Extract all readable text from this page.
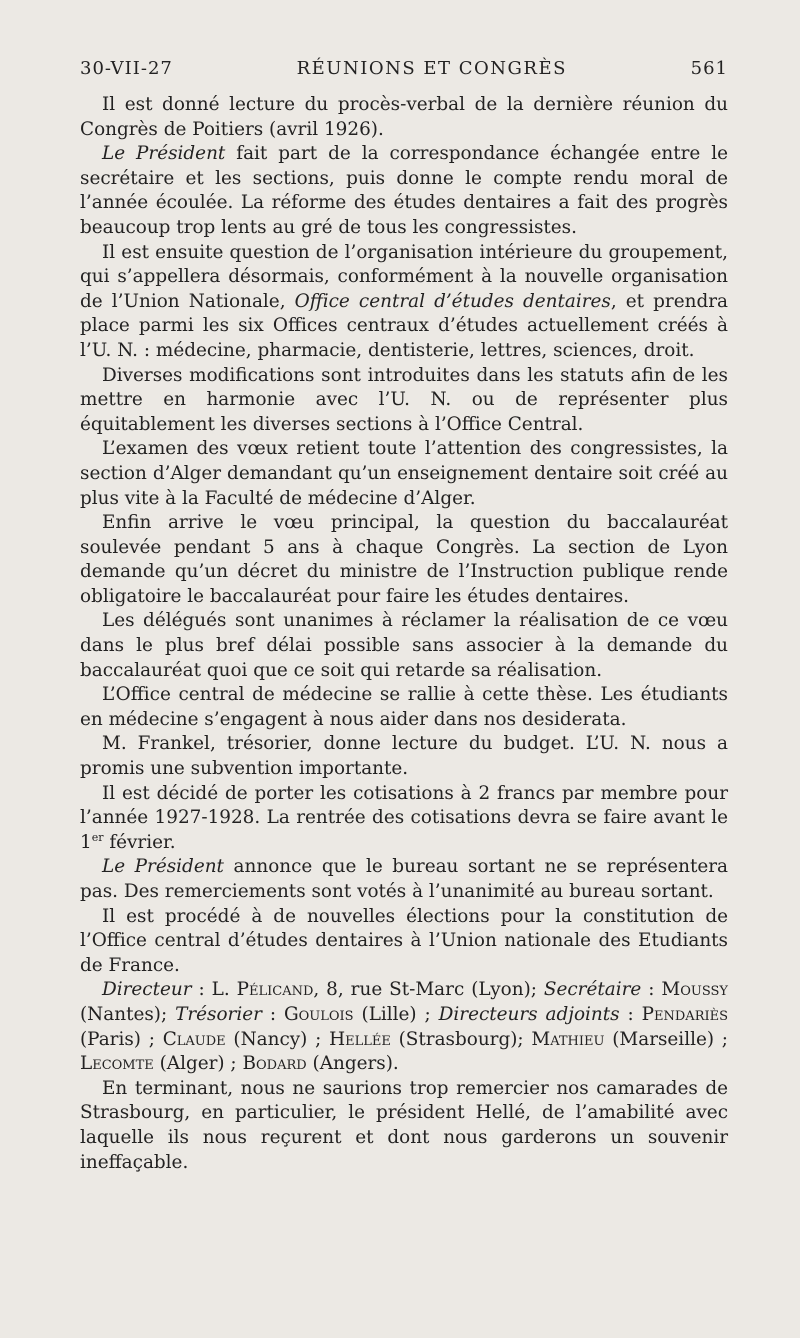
30-VII-27	RÉUNIONS ET CONGRÈS	561

Il est donné lecture du procès-verbal de la dernière réunion du Congrès de Poitiers (avril 1926).

Le Président fait part de la correspondance échangée entre le secrétaire et les sections, puis donne le compte rendu moral de l’année écoulée. La réforme des études dentaires a fait des progrès beaucoup trop lents au gré de tous les congressistes.

Il est ensuite question de l’organisation intérieure du groupement, qui s’appellera désormais, conformément à la nouvelle organisation de l’Union Nationale, Office central d’études dentaires, et prendra place parmi les six Offices centraux d’études actuellement créés à l’U. N. : médecine, pharmacie, dentisterie, lettres, sciences, droit.

Diverses modifications sont introduites dans les statuts afin de les mettre en harmonie avec l’U. N. ou de représenter plus équitablement les diverses sections à l’Office Central.

L’examen des vœux retient toute l’attention des congressistes, la section d’Alger demandant qu’un enseignement dentaire soit créé au plus vite à la Faculté de médecine d’Alger.

Enfin arrive le vœu principal, la question du baccalauréat soulevée pendant 5 ans à chaque Congrès. La section de Lyon demande qu’un décret du ministre de l’Instruction publique rende obligatoire le baccalauréat pour faire les études dentaires.

Les délégués sont unanimes à réclamer la réalisation de ce vœu dans le plus bref délai possible sans associer à la demande du baccalauréat quoi que ce soit qui retarde sa réalisation.

L’Office central de médecine se rallie à cette thèse. Les étudiants en médecine s’engagent à nous aider dans nos desiderata.

M. Frankel, trésorier, donne lecture du budget. L’U. N. nous a promis une subvention importante.

Il est décidé de porter les cotisations à 2 francs par membre pour l’année 1927-1928. La rentrée des cotisations devra se faire avant le 1er février.

Le Président annonce que le bureau sortant ne se représentera pas. Des remerciements sont votés à l’unanimité au bureau sortant.

Il est procédé à de nouvelles élections pour la constitution de l’Office central d’études dentaires à l’Union nationale des Etudiants de France.

Directeur : L. Pélicand, 8, rue St-Marc (Lyon); Secrétaire : Moussy (Nantes); Trésorier : Goulois (Lille) ; Directeurs adjoints : Pendariès (Paris) ; Claude (Nancy) ; Hellée (Strasbourg); Mathieu (Marseille) ; Lecomte (Alger) ; Bodard (Angers).

En terminant, nous ne saurions trop remercier nos camarades de Strasbourg, en particulier, le président Hellé, de l’amabilité avec laquelle ils nous reçurent et dont nous garderons un souvenir ineffaçable.
